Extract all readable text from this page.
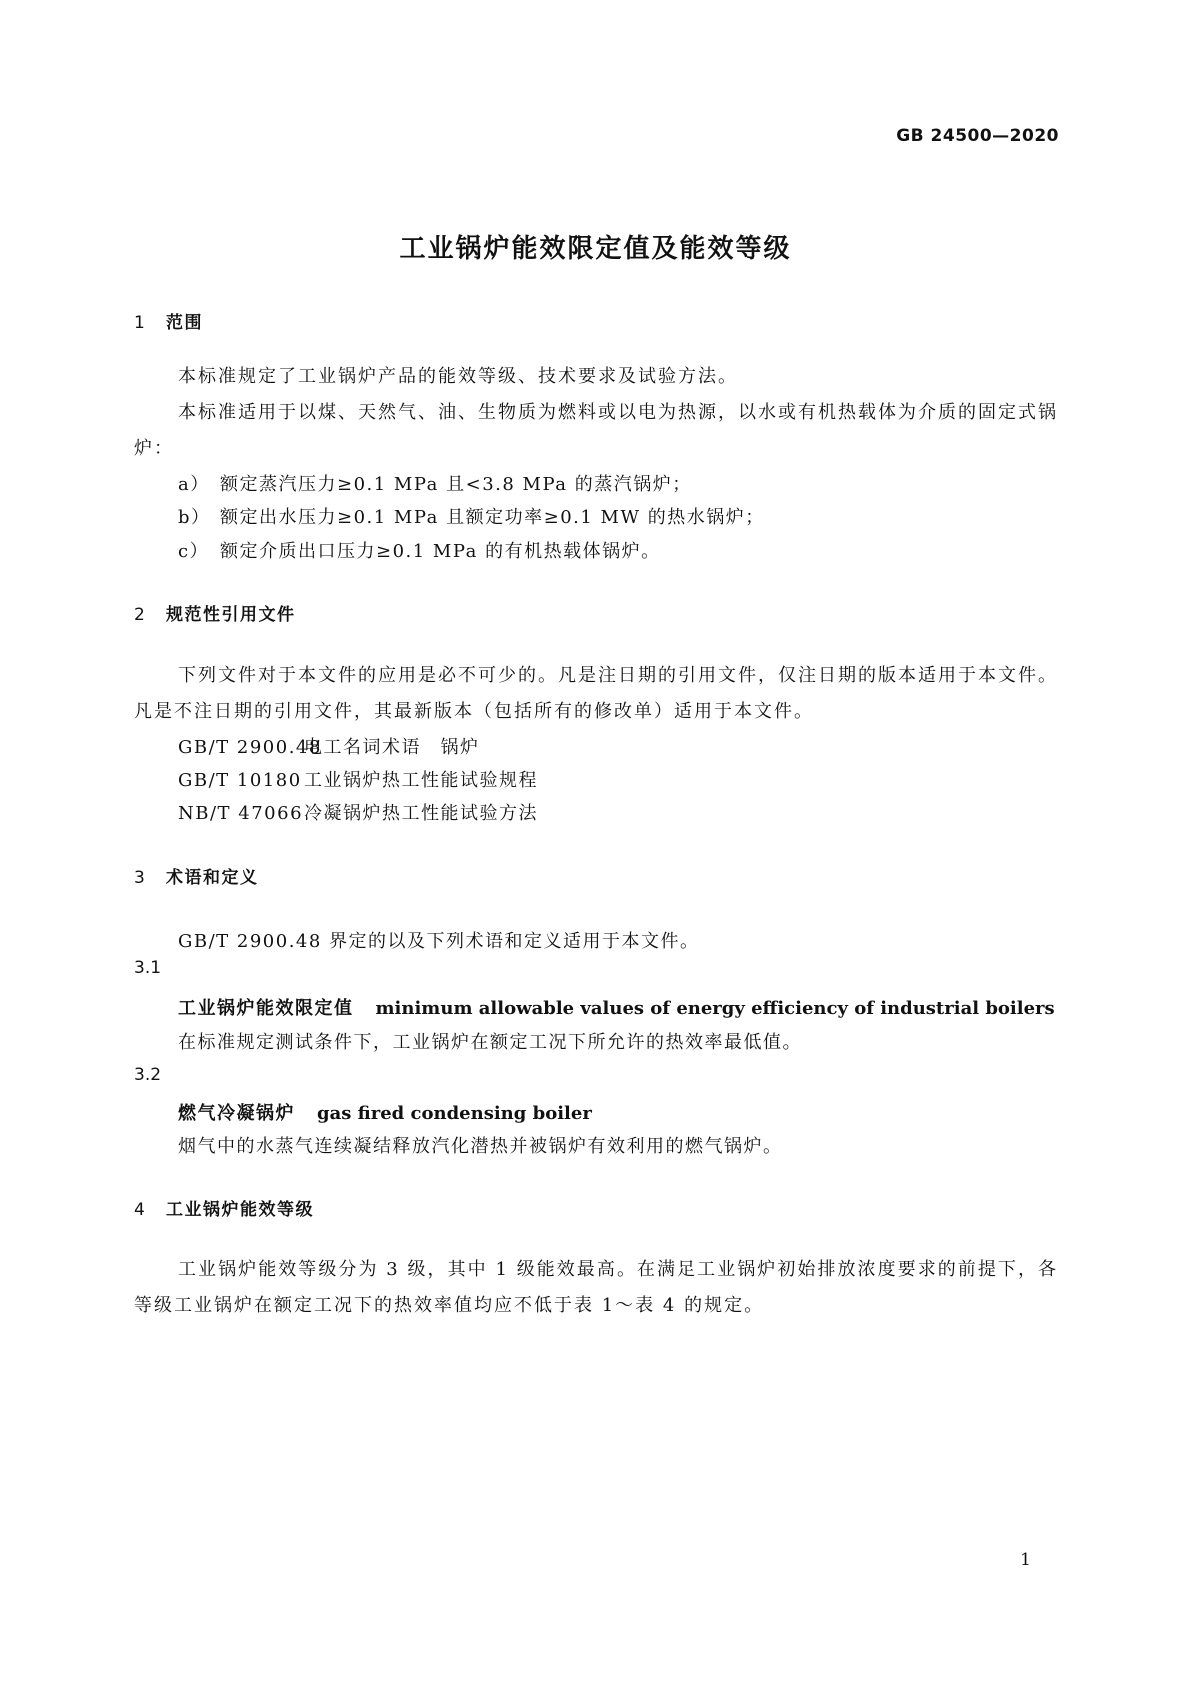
GB 24500—2020
工业锅炉能效限定值及能效等级
1 范围
本标准规定了工业锅炉产品的能效等级、技术要求及试验方法。
本标准适用于以煤、天然气、油、生物质为燃料或以电为热源，以水或有机热载体为介质的固定式锅炉：
a） 额定蒸汽压力≥0.1 MPa 且<3.8 MPa 的蒸汽锅炉；
b） 额定出水压力≥0.1 MPa 且额定功率≥0.1 MW 的热水锅炉；
c） 额定介质出口压力≥0.1 MPa 的有机热载体锅炉。
2 规范性引用文件
下列文件对于本文件的应用是必不可少的。凡是注日期的引用文件，仅注日期的版本适用于本文件。凡是不注日期的引用文件，其最新版本（包括所有的修改单）适用于本文件。
GB/T 2900.48电工名词术语　锅炉
GB/T 10180 工业锅炉热工性能试验规程
NB/T 47066冷凝锅炉热工性能试验方法
3 术语和定义
GB/T 2900.48 界定的以及下列术语和定义适用于本文件。
3.1
工业锅炉能效限定值 minimum allowable values of energy efficiency of industrial boilers
在标准规定测试条件下，工业锅炉在额定工况下所允许的热效率最低值。
3.2
燃气冷凝锅炉 gas fired condensing boiler
烟气中的水蒸气连续凝结释放汽化潜热并被锅炉有效利用的燃气锅炉。
4 工业锅炉能效等级
工业锅炉能效等级分为 3 级，其中 1 级能效最高。在满足工业锅炉初始排放浓度要求的前提下，各等级工业锅炉在额定工况下的热效率值均应不低于表 1～表 4 的规定。
1
